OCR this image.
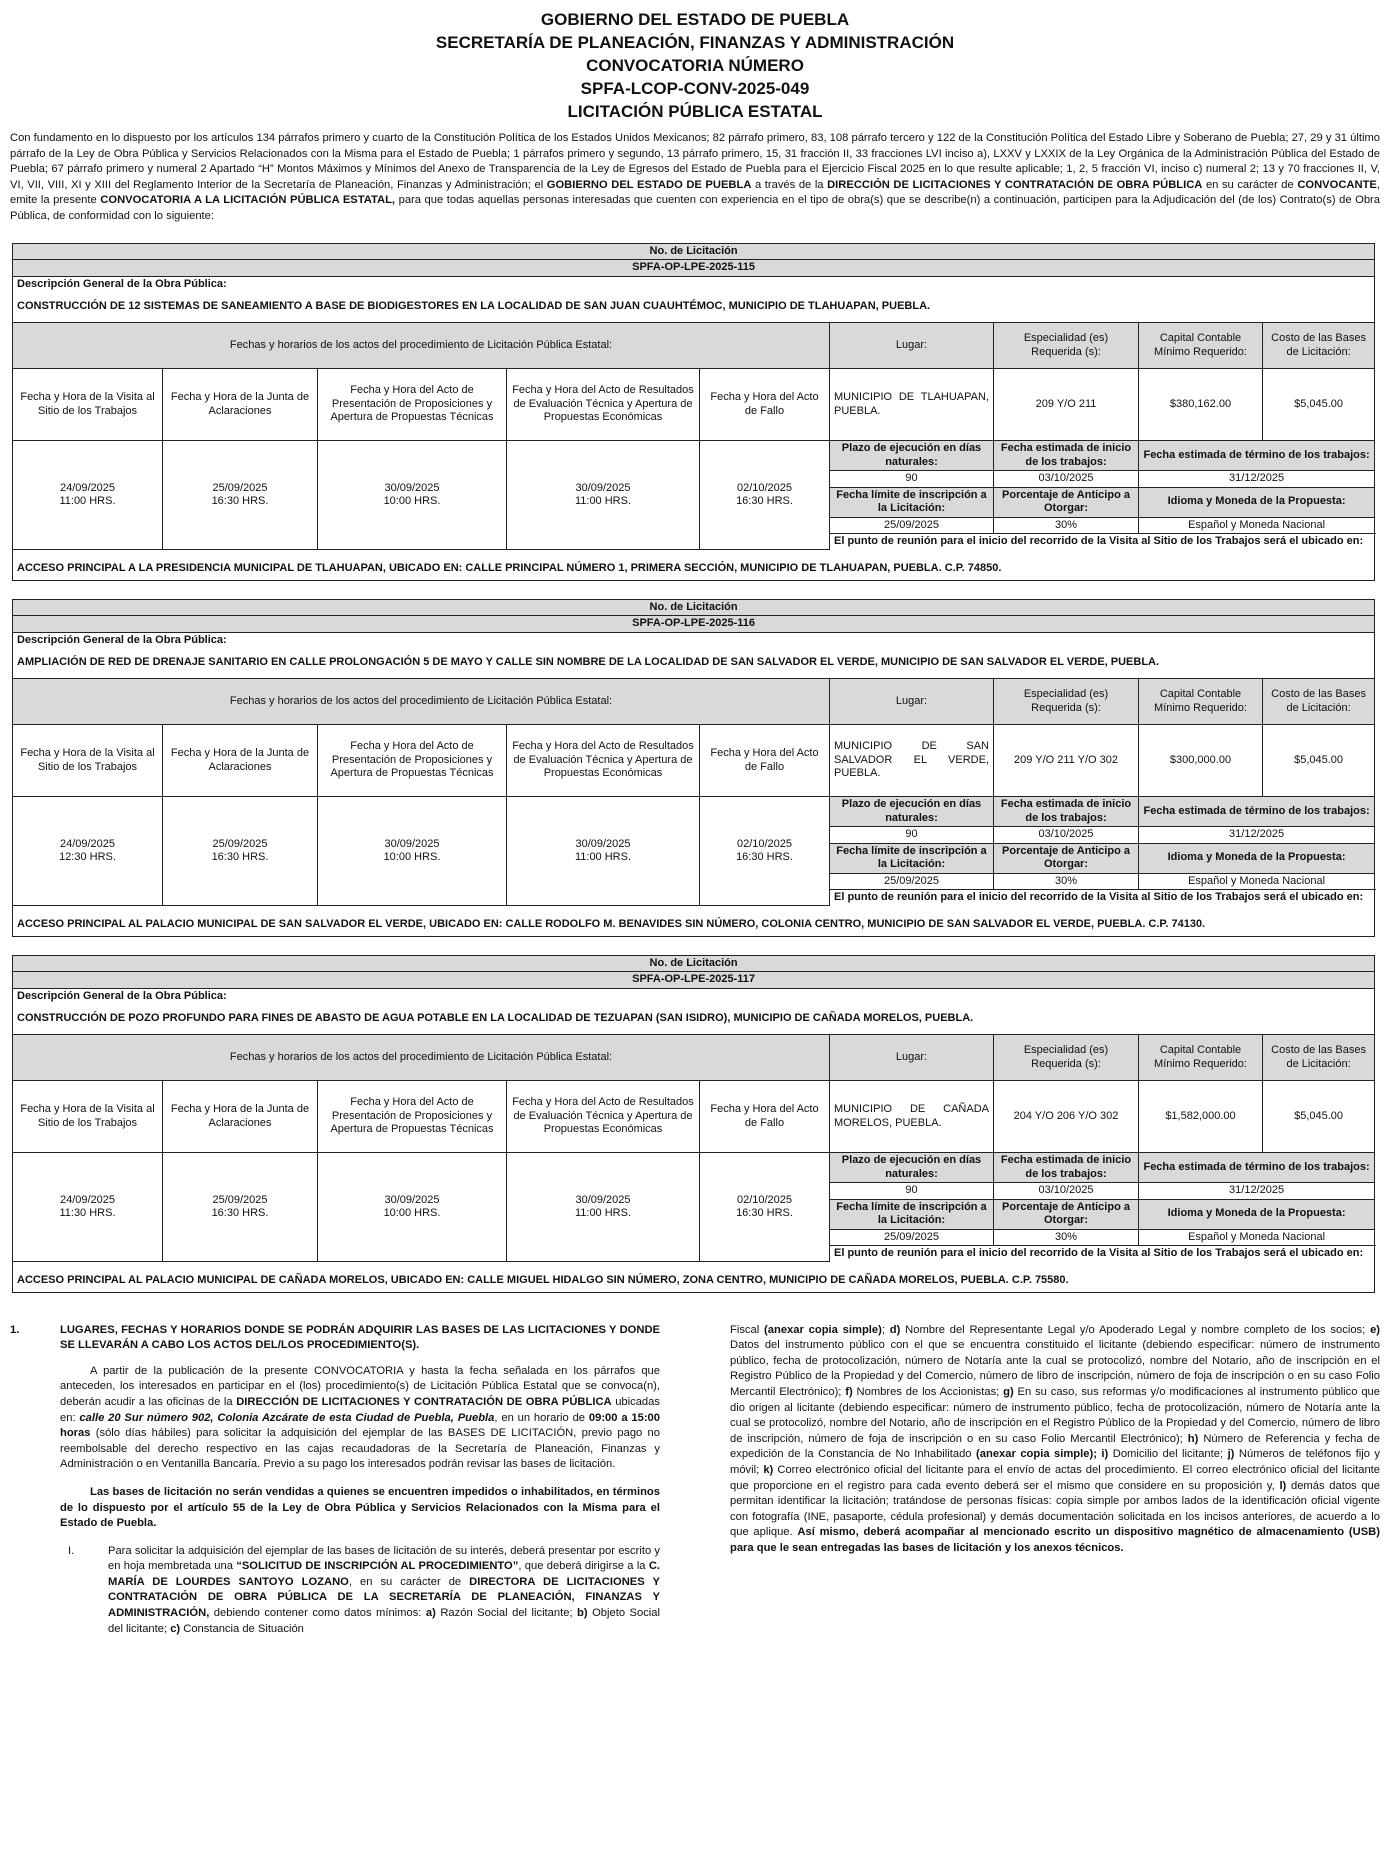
GOBIERNO DEL ESTADO DE PUEBLA
SECRETARÍA DE PLANEACIÓN, FINANZAS Y ADMINISTRACIÓN
CONVOCATORIA NÚMERO
SPFA-LCOP-CONV-2025-049
LICITACIÓN PÚBLICA ESTATAL

Con fundamento en lo dispuesto por los artículos 134 párrafos primero y cuarto de la Constitución Política de los Estados Unidos Mexicanos; 82 párrafo primero, 83, 108 párrafo tercero y 122 de la Constitución Política del Estado Libre y Soberano de Puebla; 27, 29 y 31 último párrafo de la Ley de Obra Pública y Servicios Relacionados con la Misma para el Estado de Puebla; 1 párrafos primero y segundo, 13 párrafo primero, 15, 31 fracción II, 33 fracciones LVI inciso a), LXXV y LXXIX de la Ley Orgánica de la Administración Pública del Estado de Puebla; 67 párrafo primero y numeral 2 Apartado “H” Montos Máximos y Mínimos del Anexo de Transparencia de la Ley de Egresos del Estado de Puebla para el Ejercicio Fiscal 2025 en lo que resulte aplicable; 1, 2, 5 fracción VI, inciso c) numeral 2; 13 y 70 fracciones II, V, VI, VII, VIII, XI y XIII del Reglamento Interior de la Secretaría de Planeación, Finanzas y Administración; el GOBIERNO DEL ESTADO DE PUEBLA a través de la DIRECCIÓN DE LICITACIONES Y CONTRATACIÓN DE OBRA PÚBLICA en su carácter de CONVOCANTE, emite la presente CONVOCATORIA A LA LICITACIÓN PÚBLICA ESTATAL, para que todas aquellas personas interesadas que cuenten con experiencia en el tipo de obra(s) que se describe(n) a continuación, participen para la Adjudicación del (de los) Contrato(s) de Obra Pública, de conformidad con lo siguiente:

No. de Licitación								
SPFA-OP-LPE-2025-115								
Descripción General de la Obra Pública:								
CONSTRUCCIÓN DE 12 SISTEMAS DE SANEAMIENTO A BASE DE BIODIGESTORES EN LA LOCALIDAD DE SAN JUAN CUAUHTÉMOC, MUNICIPIO DE TLAHUAPAN, PUEBLA.								
Fechas y horarios de los actos del procedimiento de Licitación Pública Estatal:					Lugar:	Especialidad (es) Requerida (s):	Capital Contable Mínimo Requerido:	Costo de las Bases de Licitación:
Fecha y Hora de la Visita al Sitio de los Trabajos	Fecha y Hora de la Junta de Aclaraciones	Fecha y Hora del Acto de Presentación de Proposiciones y Apertura de Propuestas Técnicas	Fecha y Hora del Acto de Resultados de Evaluación Técnica y Apertura de Propuestas Económicas	Fecha y Hora del Acto de Fallo	MUNICIPIO DE TLAHUAPAN, PUEBLA.	209 Y/O 211	$380,162.00	$5,045.00
24/09/2025
11:00 HRS.	25/09/2025
16:30 HRS.	30/09/2025
10:00 HRS.	30/09/2025
11:00 HRS.	02/10/2025
16:30 HRS.	Plazo de ejecución en días naturales:	Fecha estimada de inicio de los trabajos:	Fecha estimada de término de los trabajos:	
					90	03/10/2025	31/12/2025	
					Fecha límite de inscripción a la Licitación:	Porcentaje de Anticipo a Otorgar:	Idioma y Moneda de la Propuesta:	
					25/09/2025	30%	Español y Moneda Nacional	
					El punto de reunión para el inicio del recorrido de la Visita al Sitio de los Trabajos será el ubicado en:			
ACCESO PRINCIPAL A LA PRESIDENCIA MUNICIPAL DE TLAHUAPAN, UBICADO EN: CALLE PRINCIPAL NÚMERO 1, PRIMERA SECCIÓN, MUNICIPIO DE TLAHUAPAN, PUEBLA. C.P. 74850.								
No. de Licitación								
SPFA-OP-LPE-2025-116								
Descripción General de la Obra Pública:								
AMPLIACIÓN DE RED DE DRENAJE SANITARIO EN CALLE PROLONGACIÓN 5 DE MAYO Y CALLE SIN NOMBRE DE LA LOCALIDAD DE SAN SALVADOR EL VERDE, MUNICIPIO DE SAN SALVADOR EL VERDE, PUEBLA.								
Fechas y horarios de los actos del procedimiento de Licitación Pública Estatal:					Lugar:	Especialidad (es) Requerida (s):	Capital Contable Mínimo Requerido:	Costo de las Bases de Licitación:
Fecha y Hora de la Visita al Sitio de los Trabajos	Fecha y Hora de la Junta de Aclaraciones	Fecha y Hora del Acto de Presentación de Proposiciones y Apertura de Propuestas Técnicas	Fecha y Hora del Acto de Resultados de Evaluación Técnica y Apertura de Propuestas Económicas	Fecha y Hora del Acto de Fallo	MUNICIPIO DE SAN SALVADOR EL VERDE, PUEBLA.	209 Y/O 211 Y/O 302	$300,000.00	$5,045.00
24/09/2025
12:30 HRS.	25/09/2025
16:30 HRS.	30/09/2025
10:00 HRS.	30/09/2025
11:00 HRS.	02/10/2025
16:30 HRS.	Plazo de ejecución en días naturales:	Fecha estimada de inicio de los trabajos:	Fecha estimada de término de los trabajos:	
					90	03/10/2025	31/12/2025	
					Fecha límite de inscripción a la Licitación:	Porcentaje de Anticipo a Otorgar:	Idioma y Moneda de la Propuesta:	
					25/09/2025	30%	Español y Moneda Nacional	
					El punto de reunión para el inicio del recorrido de la Visita al Sitio de los Trabajos será el ubicado en:			
ACCESO PRINCIPAL AL PALACIO MUNICIPAL DE SAN SALVADOR EL VERDE, UBICADO EN: CALLE RODOLFO M. BENAVIDES SIN NÚMERO, COLONIA CENTRO, MUNICIPIO DE SAN SALVADOR EL VERDE, PUEBLA. C.P. 74130.								
No. de Licitación								
SPFA-OP-LPE-2025-117								
Descripción General de la Obra Pública:								
CONSTRUCCIÓN DE POZO PROFUNDO PARA FINES DE ABASTO DE AGUA POTABLE EN LA LOCALIDAD DE TEZUAPAN (SAN ISIDRO), MUNICIPIO DE CAÑADA MORELOS, PUEBLA.								
Fechas y horarios de los actos del procedimiento de Licitación Pública Estatal:					Lugar:	Especialidad (es) Requerida (s):	Capital Contable Mínimo Requerido:	Costo de las Bases de Licitación:
Fecha y Hora de la Visita al Sitio de los Trabajos	Fecha y Hora de la Junta de Aclaraciones	Fecha y Hora del Acto de Presentación de Proposiciones y Apertura de Propuestas Técnicas	Fecha y Hora del Acto de Resultados de Evaluación Técnica y Apertura de Propuestas Económicas	Fecha y Hora del Acto de Fallo	MUNICIPIO DE CAÑADA MORELOS, PUEBLA.	204 Y/O 206 Y/O 302	$1,582,000.00	$5,045.00
24/09/2025
11:30 HRS.	25/09/2025
16:30 HRS.	30/09/2025
10:00 HRS.	30/09/2025
11:00 HRS.	02/10/2025
16:30 HRS.	Plazo de ejecución en días naturales:	Fecha estimada de inicio de los trabajos:	Fecha estimada de término de los trabajos:	
					90	03/10/2025	31/12/2025	
					Fecha límite de inscripción a la Licitación:	Porcentaje de Anticipo a Otorgar:	Idioma y Moneda de la Propuesta:	
					25/09/2025	30%	Español y Moneda Nacional	
					El punto de reunión para el inicio del recorrido de la Visita al Sitio de los Trabajos será el ubicado en:			
ACCESO PRINCIPAL AL PALACIO MUNICIPAL DE CAÑADA MORELOS, UBICADO EN: CALLE MIGUEL HIDALGO SIN NÚMERO, ZONA CENTRO, MUNICIPIO DE CAÑADA MORELOS, PUEBLA. C.P. 75580.								
1.	LUGARES, FECHAS Y HORARIOS DONDE SE PODRÁN ADQUIRIR LAS BASES DE LAS LICITACIONES Y DONDE SE LLEVARÁN A CABO LOS ACTOS DEL/LOS PROCEDIMIENTO(S).

A partir de la publicación de la presente CONVOCATORIA y hasta la fecha señalada en los párrafos que anteceden, los interesados en participar en el (los) procedimiento(s) de Licitación Pública Estatal que se convoca(n), deberán acudir a las oficinas de la DIRECCIÓN DE LICITACIONES Y CONTRATACIÓN DE OBRA PÚBLICA ubicadas en: calle 20 Sur número 902, Colonia Azcárate de esta Ciudad de Puebla, Puebla, en un horario de 09:00 a 15:00 horas (sólo días hábiles) para solicitar la adquisición del ejemplar de las BASES DE LICITACIÓN, previo pago no reembolsable del derecho respectivo en las cajas recaudadoras de la Secretaría de Planeación, Finanzas y Administración o en Ventanilla Bancaria. Previo a su pago los interesados podrán revisar las bases de licitación.

Las bases de licitación no serán vendidas a quienes se encuentren impedidos o inhabilitados, en términos de lo dispuesto por el artículo 55 de la Ley de Obra Pública y Servicios Relacionados con la Misma para el Estado de Puebla.

I.	Para solicitar la adquisición del ejemplar de las bases de licitación de su interés, deberá presentar por escrito y en hoja membretada una “SOLICITUD DE INSCRIPCIÓN AL PROCEDIMIENTO”, que deberá dirigirse a la C. MARÍA DE LOURDES SANTOYO LOZANO, en su carácter de DIRECTORA DE LICITACIONES Y CONTRATACIÓN DE OBRA PÚBLICA DE LA SECRETARÍA DE PLANEACIÓN, FINANZAS Y ADMINISTRACIÓN, debiendo contener como datos mínimos: a) Razón Social del licitante; b) Objeto Social del licitante; c) Constancia de Situación
Fiscal (anexar copia simple); d) Nombre del Representante Legal y/o Apoderado Legal y nombre completo de los socios; e) Datos del instrumento público con el que se encuentra constituido el licitante (debiendo especificar: número de instrumento público, fecha de protocolización, número de Notaría ante la cual se protocolizó, nombre del Notario, año de inscripción en el Registro Público de la Propiedad y del Comercio, número de libro de inscripción, número de foja de inscripción o en su caso Folio Mercantil Electrónico); f) Nombres de los Accionistas; g) En su caso, sus reformas y/o modificaciones al instrumento público que dio origen al licitante (debiendo especificar: número de instrumento público, fecha de protocolización, número de Notaría ante la cual se protocolizó, nombre del Notario, año de inscripción en el Registro Público de la Propiedad y del Comercio, número de libro de inscripción, número de foja de inscripción o en su caso Folio Mercantil Electrónico); h) Número de Referencia y fecha de expedición de la Constancia de No Inhabilitado (anexar copia simple); i) Domicilio del licitante; j) Números de teléfonos fijo y móvil; k) Correo electrónico oficial del licitante para el envío de actas del procedimiento. El correo electrónico oficial del licitante que proporcione en el registro para cada evento deberá ser el mismo que considere en su proposición y, l) demás datos que permitan identificar la licitación; tratándose de personas físicas: copia simple por ambos lados de la identificación oficial vigente con fotografía (INE, pasaporte, cédula profesional) y demás documentación solicitada en los incisos anteriores, de acuerdo a lo que aplique. Así mismo, deberá acompañar al mencionado escrito un dispositivo magnético de almacenamiento (USB) para que le sean entregadas las bases de licitación y los anexos técnicos.
